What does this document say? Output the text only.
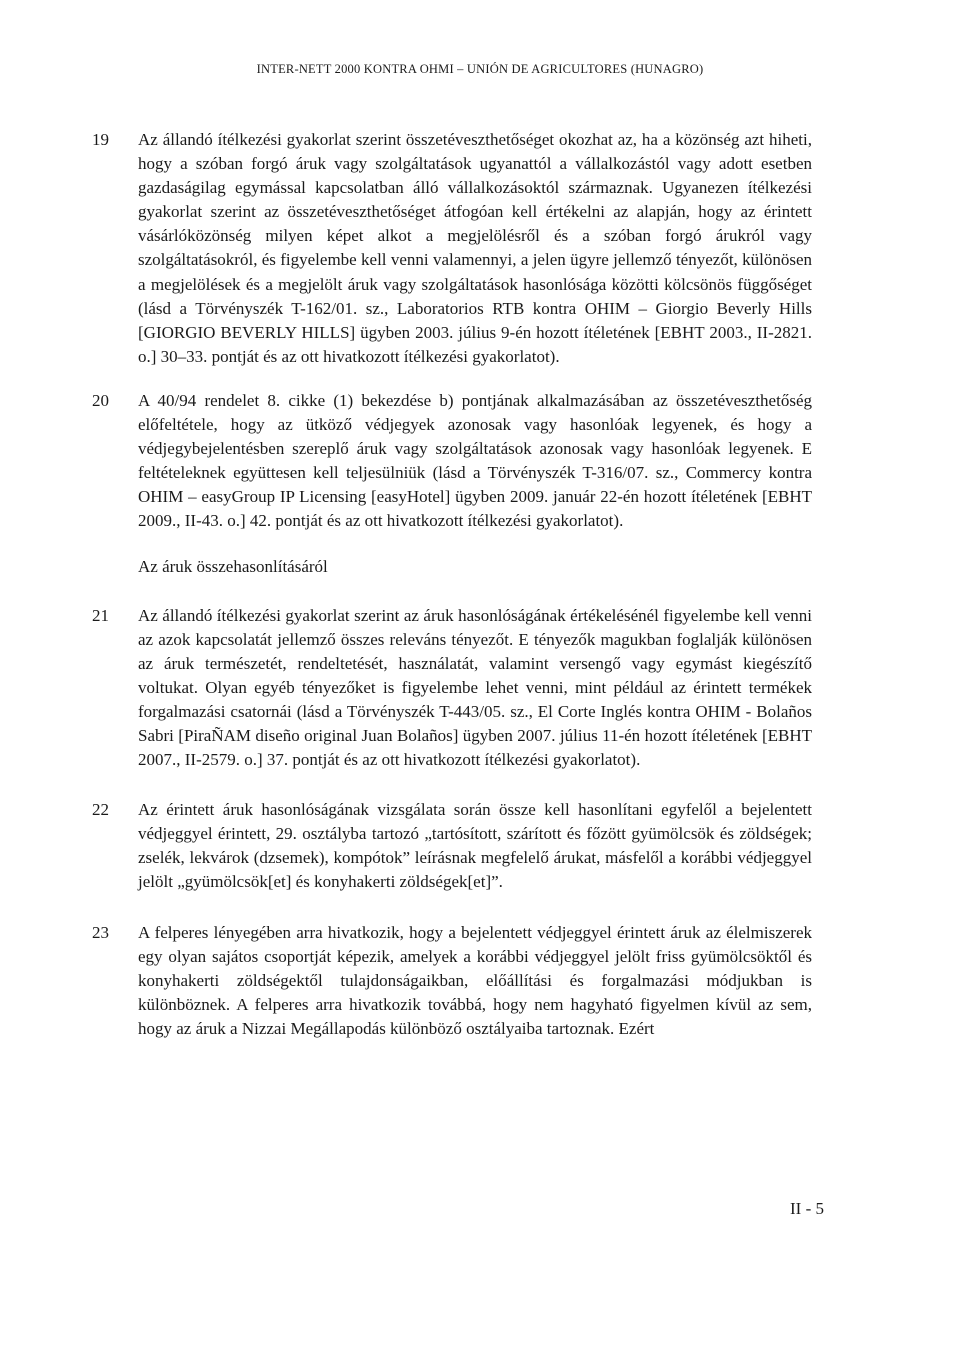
INTER-NETT 2000 KONTRA OHMI – UNIÓN DE AGRICULTORES (HUNAGRO)
19	Az állandó ítélkezési gyakorlat szerint összetéveszthetőséget okozhat az, ha a közönség azt hiheti, hogy a szóban forgó áruk vagy szolgáltatások ugyanattól a vállalkozástól vagy adott esetben gazdaságilag egymással kapcsolatban álló vállalkozásoktól származnak. Ugyanezen ítélkezési gyakorlat szerint az összetéveszthetőséget átfogóan kell értékelni az alapján, hogy az érintett vásárlóközönség milyen képet alkot a megjelölésről és a szóban forgó árukról vagy szolgáltatásokról, és figyelembe kell venni valamennyi, a jelen ügyre jellemző tényezőt, különösen a megjelölések és a megjelölt áruk vagy szolgáltatások hasonlósága közötti kölcsönös függőséget (lásd a Törvényszék T-162/01. sz., Laboratorios RTB kontra OHIM – Giorgio Beverly Hills [GIORGIO BEVERLY HILLS] ügyben 2003. július 9-én hozott ítéletének [EBHT 2003., II-2821. o.] 30–33. pontját és az ott hivatkozott ítélkezési gyakorlatot).

20	A 40/94 rendelet 8. cikke (1) bekezdése b) pontjának alkalmazásában az összetéveszthetőség előfeltétele, hogy az ütköző védjegyek azonosak vagy hasonlóak legyenek, és hogy a védjegybejelentésben szereplő áruk vagy szolgáltatások azonosak vagy hasonlóak legyenek. E feltételeknek együttesen kell teljesülniük (lásd a Törvényszék T-316/07. sz., Commercy kontra OHIM – easyGroup IP Licensing [easyHotel] ügyben 2009. január 22-én hozott ítéletének [EBHT 2009., II-43. o.] 42. pontját és az ott hivatkozott ítélkezési gyakorlatot).

Az áruk összehasonlításáról
21	Az állandó ítélkezési gyakorlat szerint az áruk hasonlóságának értékelésénél figyelembe kell venni az azok kapcsolatát jellemző összes releváns tényezőt. E tényezők magukban foglalják különösen az áruk természetét, rendeltetését, használatát, valamint versengő vagy egymást kiegészítő voltukat. Olyan egyéb tényezőket is figyelembe lehet venni, mint például az érintett termékek forgalmazási csatornái (lásd a Törvényszék T-443/05. sz., El Corte Inglés kontra OHIM - Bolaños Sabri [PiraÑAM diseño original Juan Bolaños] ügyben 2007. július 11-én hozott ítéletének [EBHT 2007., II-2579. o.] 37. pontját és az ott hivatkozott ítélkezési gyakorlatot).

22	Az érintett áruk hasonlóságának vizsgálata során össze kell hasonlítani egyfelől a bejelentett védjeggyel érintett, 29. osztályba tartozó „tartósított, szárított és főzött gyümölcsök és zöldségek; zselék, lekvárok (dzsemek), kompótok” leírásnak megfelelő árukat, másfelől a korábbi védjeggyel jelölt „gyümölcsök[et] és konyhakerti zöldségek[et]”.

23	A felperes lényegében arra hivatkozik, hogy a bejelentett védjeggyel érintett áruk az élelmiszerek egy olyan sajátos csoportját képezik, amelyek a korábbi védjeggyel jelölt friss gyümölcsöktől és konyhakerti zöldségektől tulajdonságaikban, előállítási és forgalmazási módjukban is különböznek. A felperes arra hivatkozik továbbá, hogy nem hagyható figyelmen kívül az sem, hogy az áruk a Nizzai Megállapodás különböző osztályaiba tartoznak. Ezért

II - 5
